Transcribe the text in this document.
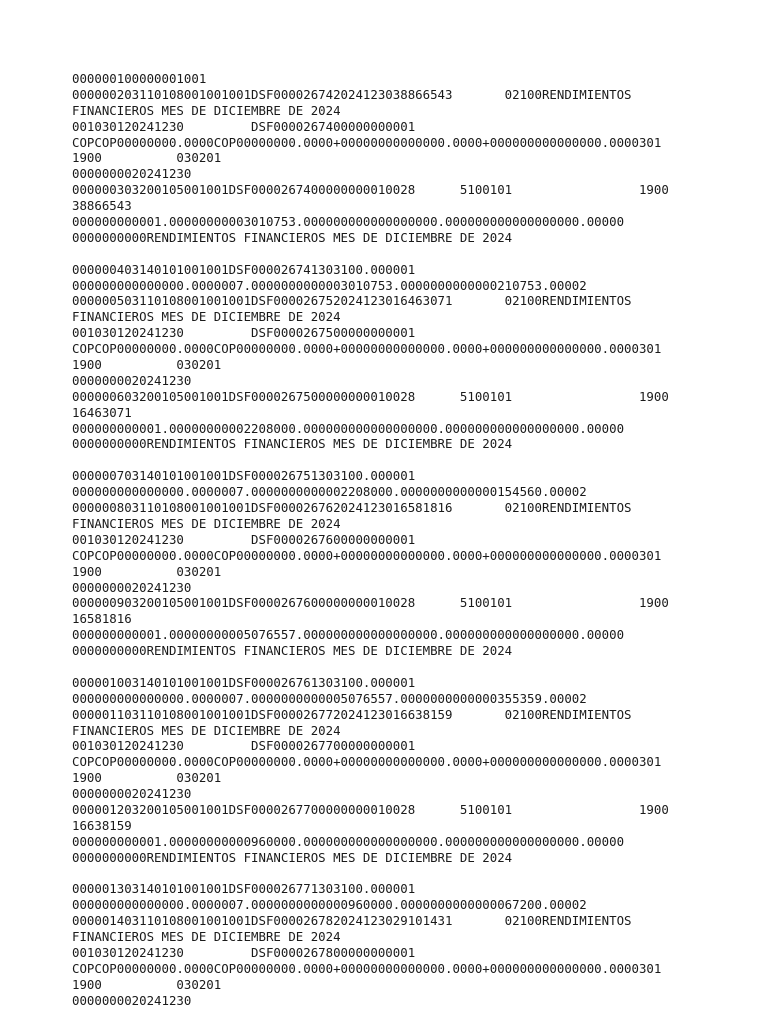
000000100000001001
000000203110108001001001DSF000026742024123038866543       02100RENDIMIENTOS
FINANCIEROS MES DE DICIEMBRE DE 2024
001030120241230         DSF0000267400000000001
COPCOP00000000.0000COP00000000.0000+00000000000000.0000+000000000000000.0000301
1900          030201
0000000020241230
000000303200105001001DSF0000267400000000010028      5100101                 1900
38866543
000000000001.00000000003010753.000000000000000000.000000000000000000.00000
0000000000RENDIMIENTOS FINANCIEROS MES DE DICIEMBRE DE 2024
000000403140101001001DSF000026741303100.000001
000000000000000.0000007.0000000000003010753.0000000000000210753.00002
000000503110108001001001DSF000026752024123016463071       02100RENDIMIENTOS
FINANCIEROS MES DE DICIEMBRE DE 2024
001030120241230         DSF0000267500000000001
COPCOP00000000.0000COP00000000.0000+00000000000000.0000+000000000000000.0000301
1900          030201
0000000020241230
000000603200105001001DSF0000267500000000010028      5100101                 1900
16463071
000000000001.00000000002208000.000000000000000000.000000000000000000.00000
0000000000RENDIMIENTOS FINANCIEROS MES DE DICIEMBRE DE 2024
000000703140101001001DSF000026751303100.000001
000000000000000.0000007.0000000000002208000.0000000000000154560.00002
000000803110108001001001DSF000026762024123016581816       02100RENDIMIENTOS
FINANCIEROS MES DE DICIEMBRE DE 2024
001030120241230         DSF0000267600000000001
COPCOP00000000.0000COP00000000.0000+00000000000000.0000+000000000000000.0000301
1900          030201
0000000020241230
000000903200105001001DSF0000267600000000010028      5100101                 1900
16581816
000000000001.00000000005076557.000000000000000000.000000000000000000.00000
0000000000RENDIMIENTOS FINANCIEROS MES DE DICIEMBRE DE 2024
000001003140101001001DSF000026761303100.000001
000000000000000.0000007.0000000000005076557.0000000000000355359.00002
000001103110108001001001DSF000026772024123016638159       02100RENDIMIENTOS
FINANCIEROS MES DE DICIEMBRE DE 2024
001030120241230         DSF0000267700000000001
COPCOP00000000.0000COP00000000.0000+00000000000000.0000+000000000000000.0000301
1900          030201
0000000020241230
000001203200105001001DSF0000267700000000010028      5100101                 1900
16638159
000000000001.00000000000960000.000000000000000000.000000000000000000.00000
0000000000RENDIMIENTOS FINANCIEROS MES DE DICIEMBRE DE 2024
000001303140101001001DSF000026771303100.000001
000000000000000.0000007.0000000000000960000.0000000000000067200.00002
000001403110108001001001DSF000026782024123029101431       02100RENDIMIENTOS
FINANCIEROS MES DE DICIEMBRE DE 2024
001030120241230         DSF0000267800000000001
COPCOP00000000.0000COP00000000.0000+00000000000000.0000+000000000000000.0000301
1900          030201
0000000020241230
